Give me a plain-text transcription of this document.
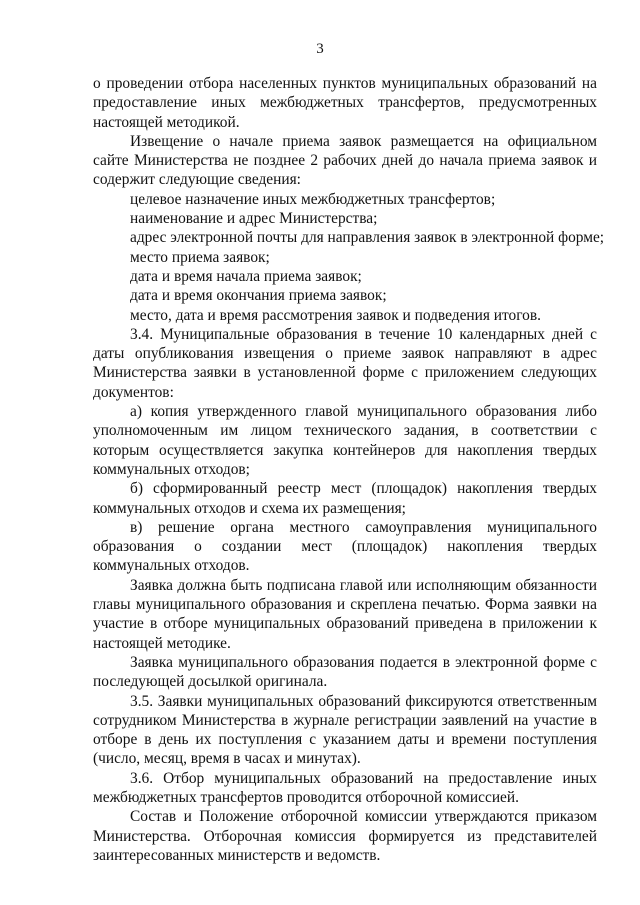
3

о проведении отбора населенных пунктов муниципальных образований на предоставление иных межбюджетных трансфертов, предусмотренных настоящей методикой.

Извещение о начале приема заявок размещается на официальном сайте Министерства не позднее 2 рабочих дней до начала приема заявок и содержит следующие сведения:

целевое назначение иных межбюджетных трансфертов;

наименование и адрес Министерства;

адрес электронной почты для направления заявок в электронной форме;

место приема заявок;

дата и время начала приема заявок;

дата и время окончания приема заявок;

место, дата и время рассмотрения заявок и подведения итогов.

3.4. Муниципальные образования в течение 10 календарных дней с даты опубликования извещения о приеме заявок направляют в адрес Министерства заявки в установленной форме с приложением следующих документов:

а) копия утвержденного главой муниципального образования либо уполномоченным им лицом технического задания, в соответствии с которым осуществляется закупка контейнеров для накопления твердых коммунальных отходов;

б) сформированный реестр мест (площадок) накопления твердых коммунальных отходов и схема их размещения;

в) решение органа местного самоуправления муниципального образования о создании мест (площадок) накопления твердых коммунальных отходов.

Заявка должна быть подписана главой или исполняющим обязанности главы муниципального образования и скреплена печатью. Форма заявки на участие в отборе муниципальных образований приведена в приложении к настоящей методике.

Заявка муниципального образования подается в электронной форме с последующей досылкой оригинала.

3.5. Заявки муниципальных образований фиксируются ответственным сотрудником Министерства в журнале регистрации заявлений на участие в отборе в день их поступления с указанием даты и времени поступления (число, месяц, время в часах и минутах).

3.6. Отбор муниципальных образований на предоставление иных межбюджетных трансфертов проводится отборочной комиссией.

Состав и Положение отборочной комиссии утверждаются приказом Министерства. Отборочная комиссия формируется из представителей заинтересованных министерств и ведомств.
